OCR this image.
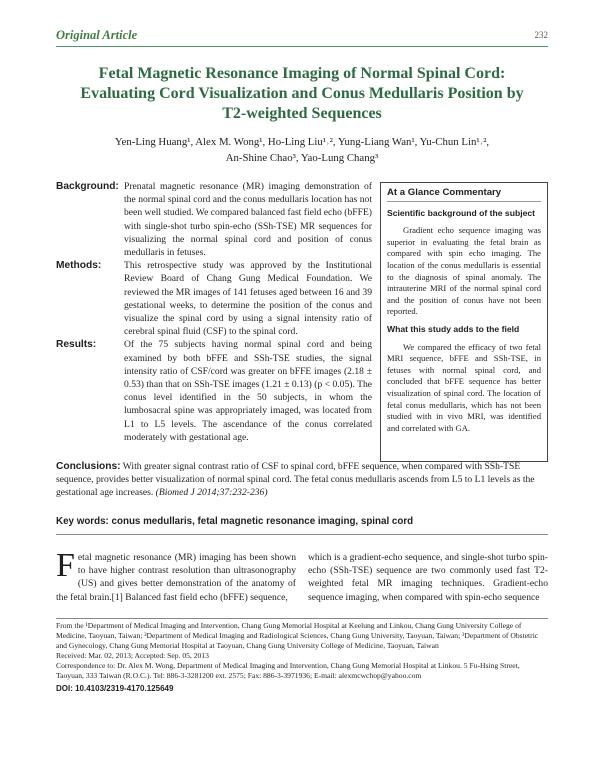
Original Article	232
Fetal Magnetic Resonance Imaging of Normal Spinal Cord:
Evaluating Cord Visualization and Conus Medullaris Position by
T2-weighted Sequences
Yen-Ling Huang¹, Alex M. Wong¹, Ho-Ling Liu¹˒², Yung-Liang Wan¹, Yu-Chun Lin¹˒²,
An-Shine Chao³, Yao-Lung Chang³
Background: Prenatal magnetic resonance (MR) imaging demonstration of the normal spinal cord and the conus medullaris location has not been well studied. We compared balanced fast field echo (bFFE) with single-shot turbo spin-echo (SSh-TSE) MR sequences for visualizing the normal spinal cord and position of conus medullaris in fetuses.
Methods:	This retrospective study was approved by the Institutional Review Board of Chang Gung Medical Foundation. We reviewed the MR images of 141 fetuses aged between 16 and 39 gestational weeks, to determine the position of the conus and visualize the spinal cord by using a signal intensity ratio of cerebral spinal fluid (CSF) to the spinal cord.
Results:	Of the 75 subjects having normal spinal cord and being examined by both bFFE and SSh-TSE studies, the signal intensity ratio of CSF/cord was greater on bFFE images (2.18 ± 0.53) than that on SSh-TSE images (1.21 ± 0.13) (p < 0.05). The conus level identified in the 50 subjects, in whom the lumbosacral spine was appropriately imaged, was located from L1 to L5 levels. The ascendance of the conus correlated moderately with gestational age.
At a Glance Commentary
Scientific background of the subject
Gradient echo sequence imaging was superior in evaluating the fetal brain as compared with spin echo imaging. The location of the conus medullaris is essential to the diagnosis of spinal anomaly. The intrauterine MRI of the normal spinal cord and the position of conus have not been reported.
What this study adds to the field
We compared the efficacy of two fetal MRI sequence, bFFE and SSh-TSE, in fetuses with normal spinal cord, and concluded that bFFE sequence has better visualization of spinal cord. The location of fetal conus medullaris, which has not been studied with in vivo MRI, was identified and correlated with GA.
Conclusions: With greater signal contrast ratio of CSF to spinal cord, bFFE sequence, when compared with SSh-TSE sequence, provides better visualization of normal spinal cord. The fetal conus medullaris ascends from L5 to L1 levels as the gestational age increases. (Biomed J 2014;37:232-236)
Key words: conus medullaris, fetal magnetic resonance imaging, spinal cord
Fetal magnetic resonance (MR) imaging has been shown to have higher contrast resolution than ultrasonography (US) and gives better demonstration of the anatomy of the fetal brain.[1] Balanced fast field echo (bFFE) sequence,
which is a gradient-echo sequence, and single-shot turbo spin-echo (SSh-TSE) sequence are two commonly used fast T2-weighted fetal MR imaging techniques. Gradient-echo sequence imaging, when compared with spin-echo sequence
From the ¹Department of Medical Imaging and Intervention, Chang Gung Memorial Hospital at Keelung and Linkou, Chang Gung University College of Medicine, Taoyuan, Taiwan; ²Department of Medical Imaging and Radiological Sciences, Chang Gung University, Taoyuan, Taiwan; ³Department of Obstetric and Gynecology, Chang Gung Memorial Hospital at Taoyuan, Chang Gung University College of Medicine, Taoyuan, Taiwan
Received: Mar. 02, 2013; Accepted: Sep. 05, 2013
Correspondence to: Dr. Alex M. Wong, Department of Medical Imaging and Intervention, Chang Gung Memorial Hospital at Linkou. 5 Fu-Hsing Street, Taoyuan, 333 Taiwan (R.O.C.). Tel: 886-3-3281200 ext. 2575; Fax: 886-3-3971936; E-mail: alexmcwchop@yahoo.com
DOI: 10.4103/2319-4170.125649
